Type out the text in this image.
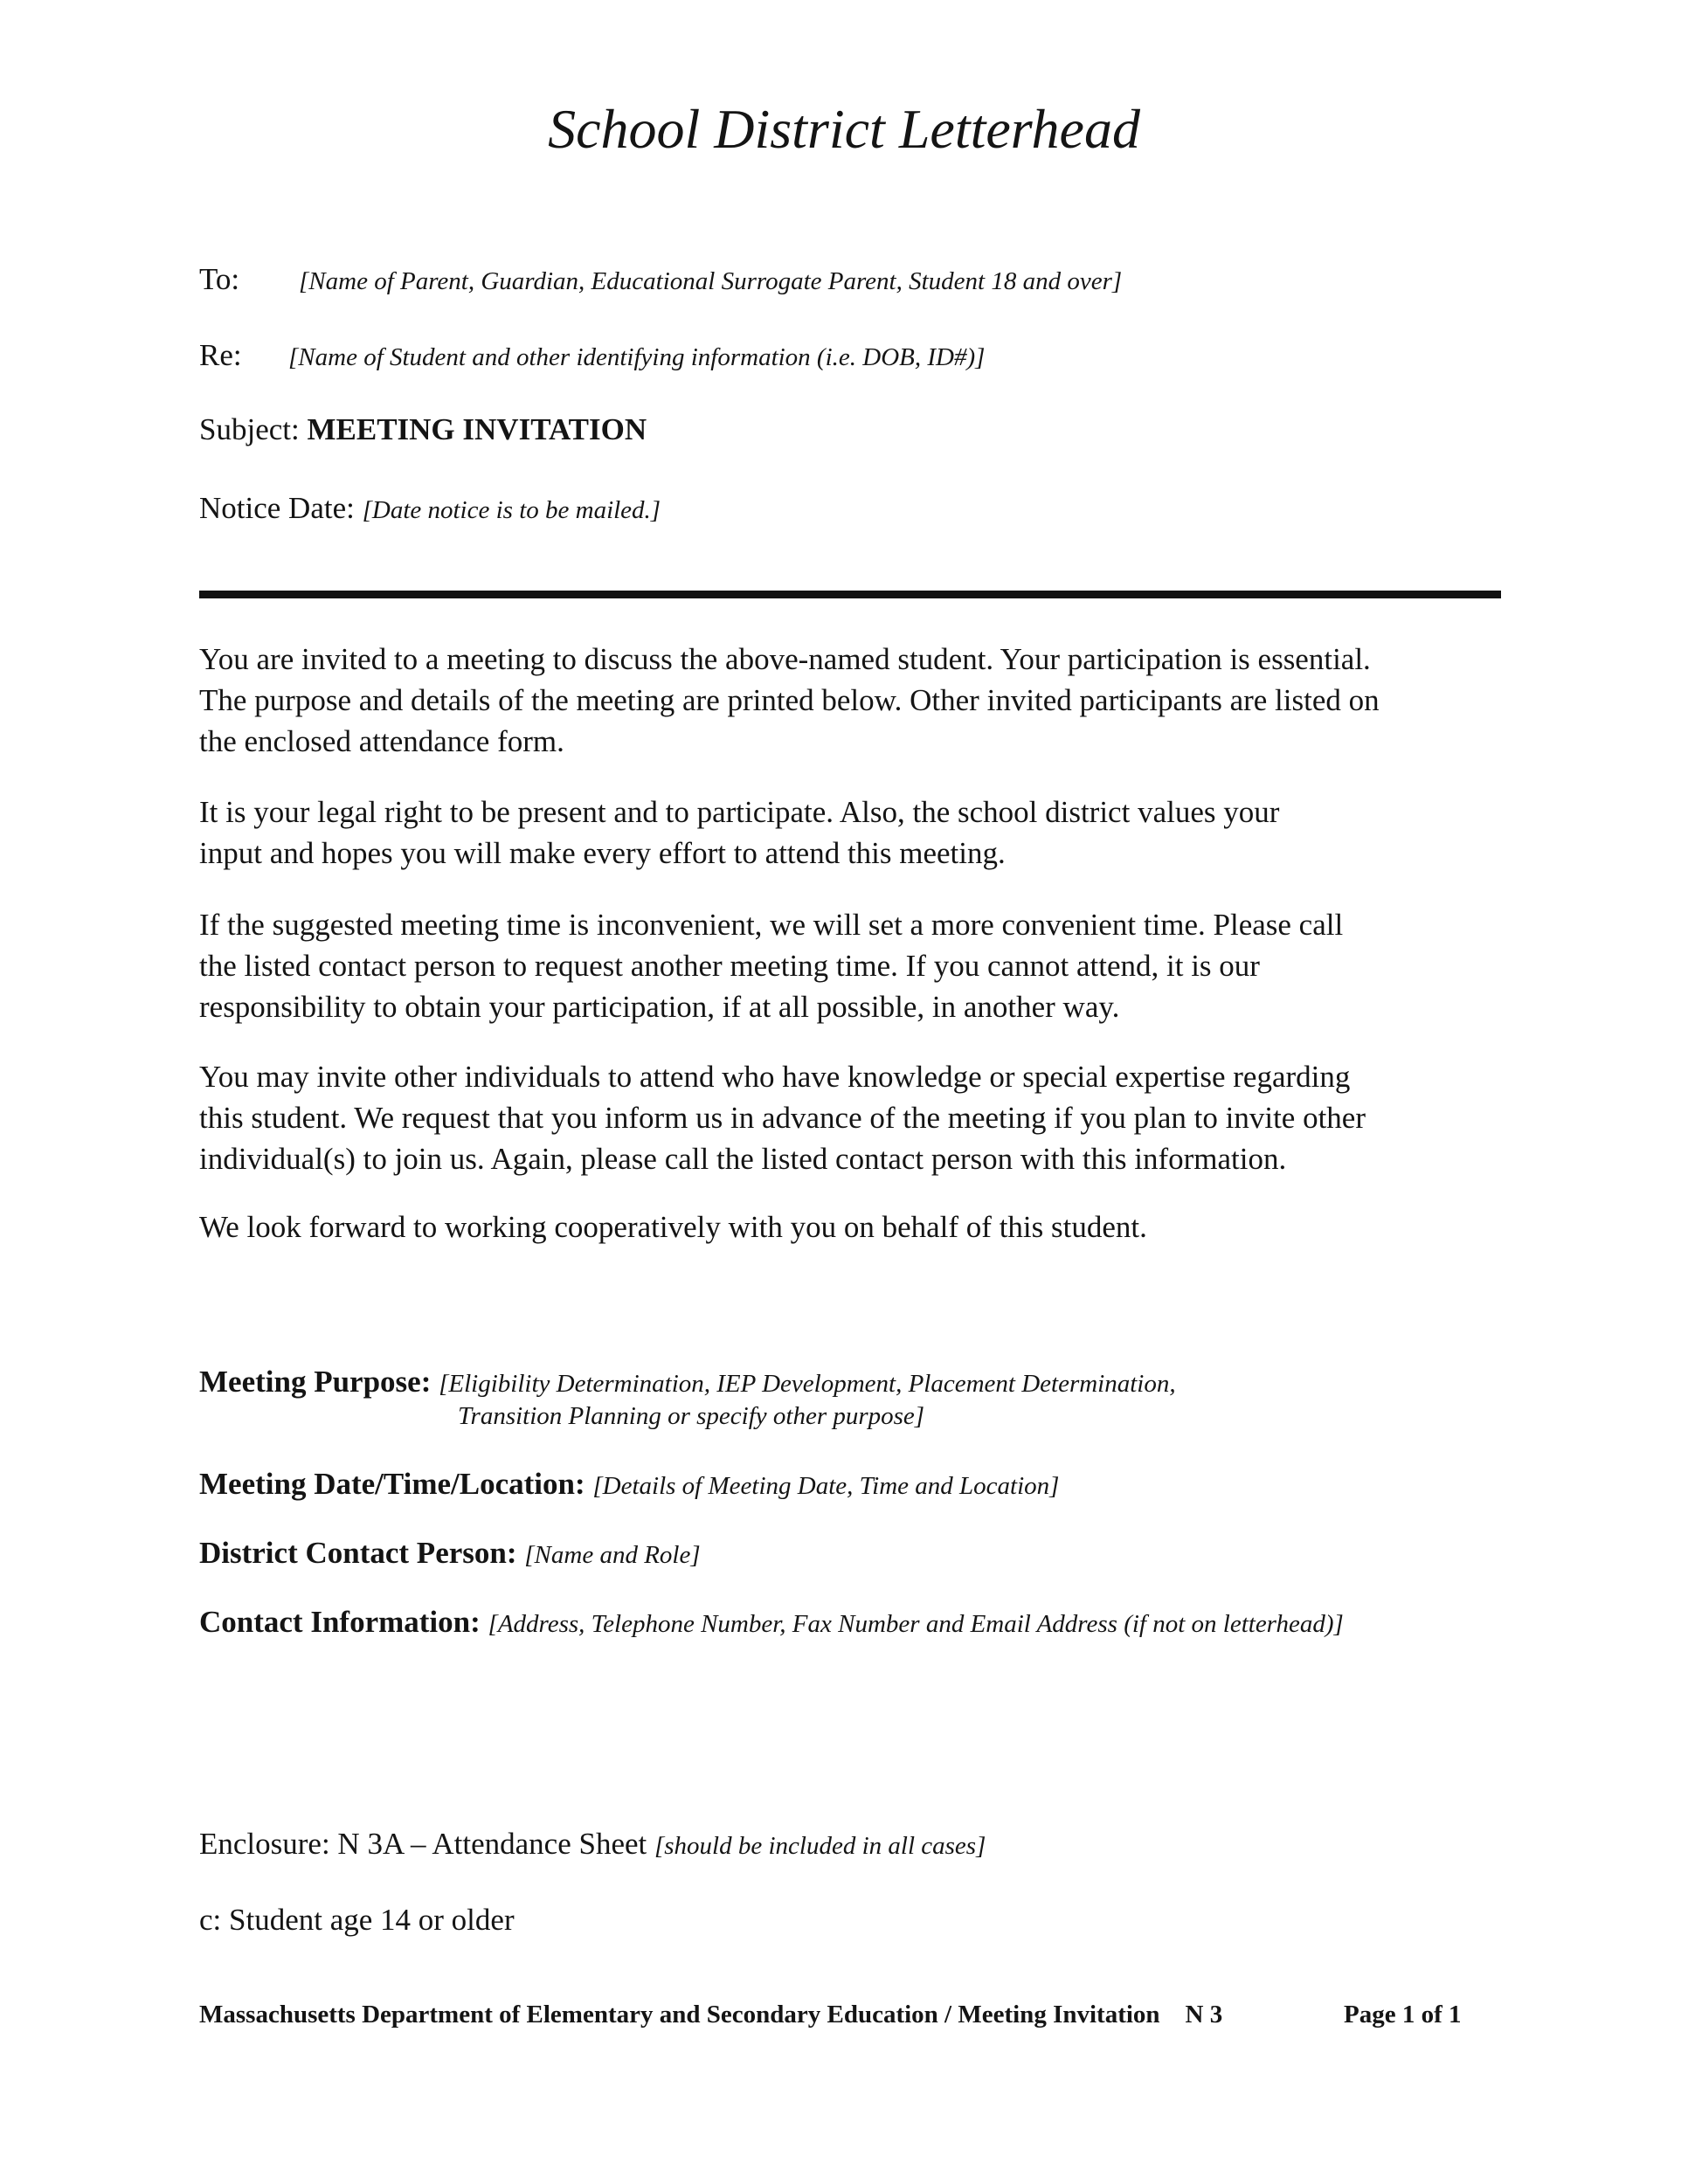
School District Letterhead
To: [Name of Parent, Guardian, Educational Surrogate Parent, Student 18 and over]
Re: [Name of Student and other identifying information (i.e. DOB, ID#)]
Subject: MEETING INVITATION
Notice Date: [Date notice is to be mailed.]

You are invited to a meeting to discuss the above-named student. Your participation is essential.

The purpose and details of the meeting are printed below. Other invited participants are listed on

the enclosed attendance form.

It is your legal right to be present and to participate. Also, the school district values your

input and hopes you will make every effort to attend this meeting.

If the suggested meeting time is inconvenient, we will set a more convenient time. Please call

the listed contact person to request another meeting time. If you cannot attend, it is our

responsibility to obtain your participation, if at all possible, in another way.

You may invite other individuals to attend who have knowledge or special expertise regarding

this student. We request that you inform us in advance of the meeting if you plan to invite other

individual(s) to join us. Again, please call the listed contact person with this information.

We look forward to working cooperatively with you on behalf of this student.

Meeting Purpose: [Eligibility Determination, IEP Development, Placement Determination,
Transition Planning or specify other purpose]
Meeting Date/Time/Location: [Details of Meeting Date, Time and Location]
District Contact Person: [Name and Role]
Contact Information: [Address, Telephone Number, Fax Number and Email Address (if not on letterhead)]
Enclosure: N 3A – Attendance Sheet [should be included in all cases]
c: Student age 14 or older
Massachusetts Department of Elementary and Secondary Education / Meeting Invitation    N 3	Page 1 of 1
